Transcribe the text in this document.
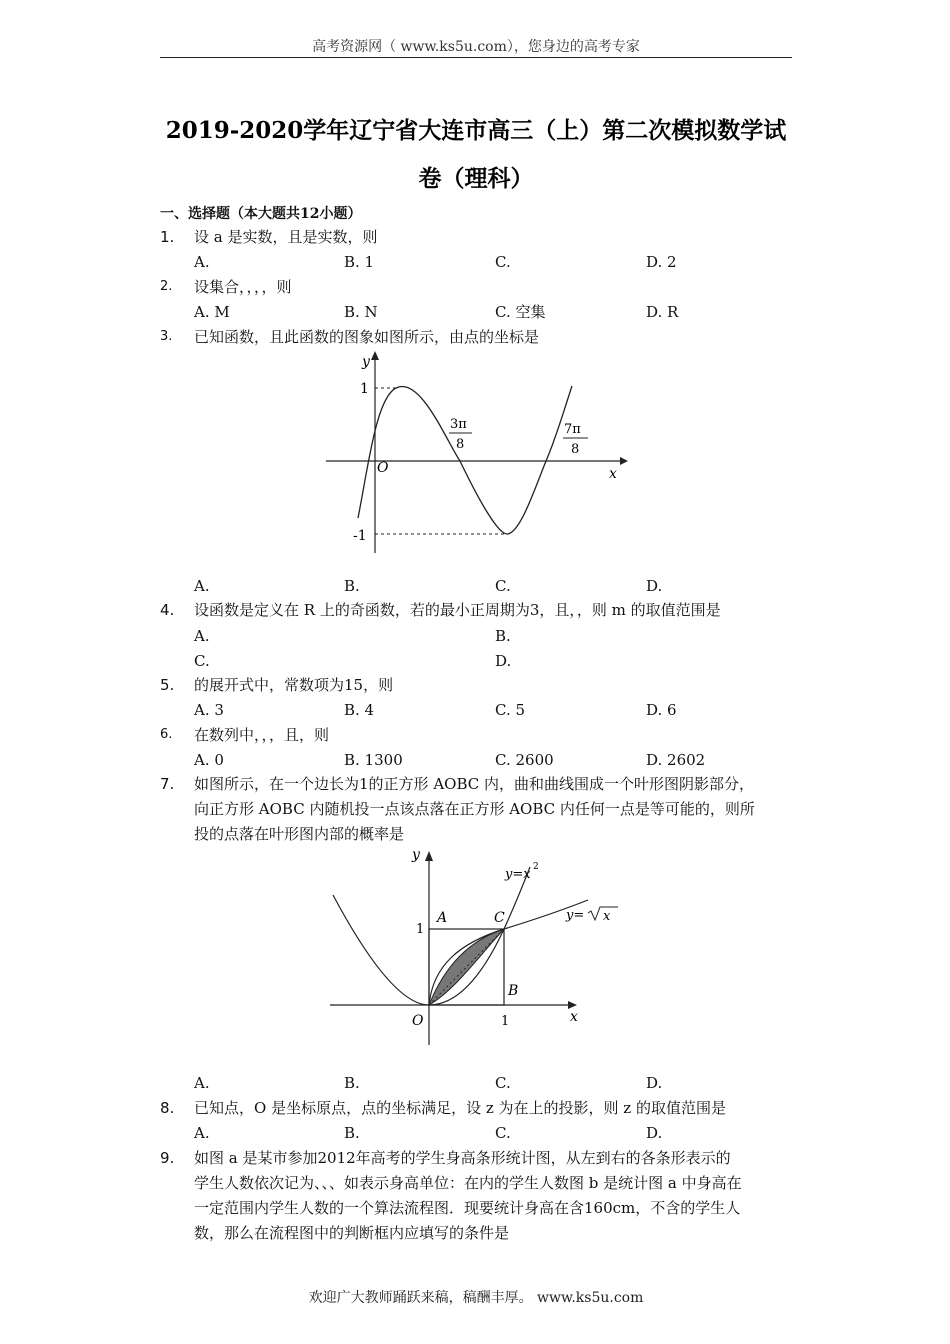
高考资源网（ www.ks5u.com），您身边的高考专家
2019-2020学年辽宁省大连市高三（上）第二次模拟数学试
卷（理科）
一、选择题（本大题共12小题）
1.	设 a 是实数，且是实数，则
A.	B. 1	C.	D. 2
2.	设集合，，，，则
A. M	B. N	C. 空集	D. R
3.	已知函数，且此函数的图象如图所示，由点的坐标是
y
x
O
1
-1
3π
8
7π
8
A.	B.	C.	D.
4.	设函数是定义在 R 上的奇函数，若的最小正周期为3，且，，则 m 的取值范围是
A.	B.
C.	D.
5.	的展开式中，常数项为15，则
A. 3	B. 4	C. 5	D. 6
6.	在数列中，，，且，则
A. 0	B. 1300	C. 2600	D. 2602
7.	如图所示，在一个边长为1的正方形 AOBC 内，曲和曲线围成一个叶形图阴影部分，
向正方形 AOBC 内随机投一点该点落在正方形 AOBC 内任何一点是等可能的，则所
投的点落在叶形图内部的概率是
y
x
O
A	C
B
1
1
y=x 2
y= x
A.	B.	C.	D.
8.	已知点，O 是坐标原点，点的坐标满足，设 z 为在上的投影，则 z 的取值范围是
A.	B.	C.	D.
9.	如图 a 是某市参加2012年高考的学生身高条形统计图，从左到右的各条形表示的
学生人数依次记为、、、如表示身高单位：在内的学生人数图 b 是统计图 a 中身高在
一定范围内学生人数的一个算法流程图．现要统计身高在含160cm，不含的学生人
数，那么在流程图中的判断框内应填写的条件是
欢迎广大教师踊跃来稿，稿酬丰厚。 www.ks5u.com
